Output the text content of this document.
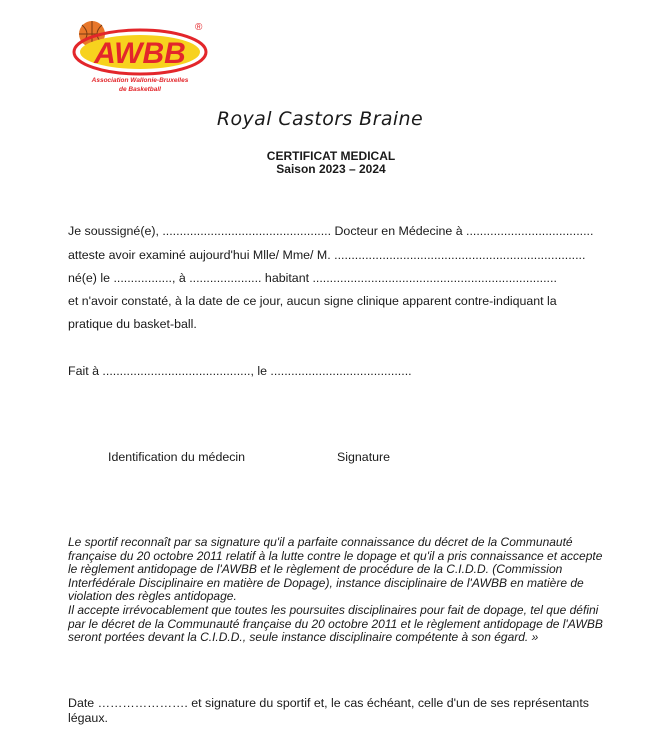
AWBB
®
Association Wallonie-Bruxelles
de Basketball
Royal Castors Braine
CERTIFICAT MEDICAL
Saison 2023 – 2024
Je soussigné(e), ................................................. Docteur en Médecine à .....................................
atteste avoir examiné aujourd'hui Mlle/ Mme/ M. .........................................................................
né(e) le ................., à ..................... habitant .......................................................................
et n'avoir constaté, à la date de ce jour, aucun signe clinique apparent contre-indiquant la
pratique du basket-ball.
Fait à ..........................................., le .........................................
Identification du médecin	Signature

Le sportif reconnaît par sa signature qu'il a parfaite connaissance du décret de la Communauté française du 20 octobre 2011 relatif à la lutte contre le dopage et qu'il a pris connaissance et accepte le règlement antidopage de l'AWBB et le règlement de procédure de la C.I.D.D. (Commission Interfédérale Disciplinaire en matière de Dopage), instance disciplinaire de l'AWBB en matière de violation des règles antidopage.

Il accepte irrévocablement que toutes les poursuites disciplinaires pour fait de dopage, tel que défini par le décret de la Communauté française du 20 octobre 2011 et le règlement antidopage de l'AWBB seront portées devant la C.I.D.D., seule instance disciplinaire compétente à son égard. »

Date …………………. et signature du sportif et, le cas échéant, celle d'un de ses représentants légaux.
